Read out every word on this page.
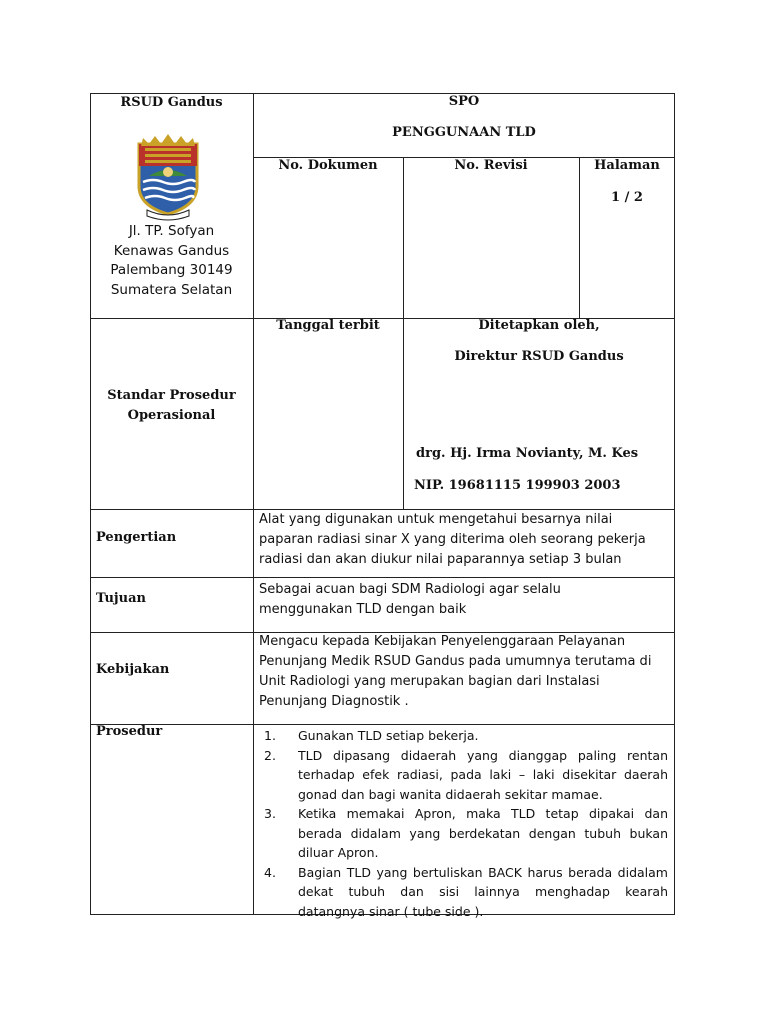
RSUD Gandus
Jl. TP. Sofyan
Kenawas Gandus
Palembang 30149
Sumatera Selatan
SPO
PENGGUNAAN TLD
No. Dokumen	No. Revisi	Halaman
1 / 2
Standar Prosedur Operasional
Tanggal terbit	Ditetapkan oleh,
Direktur RSUD Gandus
drg. Hj. Irma Novianty, M. Kes
NIP. 19681115 199903 2003
Pengertian
Alat yang digunakan untuk mengetahui besarnya nilai paparan radiasi sinar X yang diterima oleh seorang pekerja radiasi dan akan diukur nilai paparannya setiap 3 bulan
Tujuan
Sebagai acuan bagi SDM Radiologi agar selalu menggunakan TLD dengan baik
Kebijakan
Mengacu kepada Kebijakan Penyelenggaraan Pelayanan Penunjang Medik RSUD Gandus pada umumnya terutama di Unit Radiologi yang merupakan bagian dari Instalasi Penunjang Diagnostik .
Prosedur	1. Gunakan TLD setiap bekerja.
2. TLD dipasang didaerah yang dianggap paling rentan terhadap efek radiasi, pada laki – laki disekitar daerah gonad dan bagi wanita didaerah sekitar mamae.
3. Ketika memakai Apron, maka TLD tetap dipakai dan berada didalam yang berdekatan dengan tubuh bukan diluar Apron.
4. Bagian TLD yang bertuliskan BACK harus berada didalam dekat tubuh dan sisi lainnya menghadap kearah datangnya sinar ( tube side ).
